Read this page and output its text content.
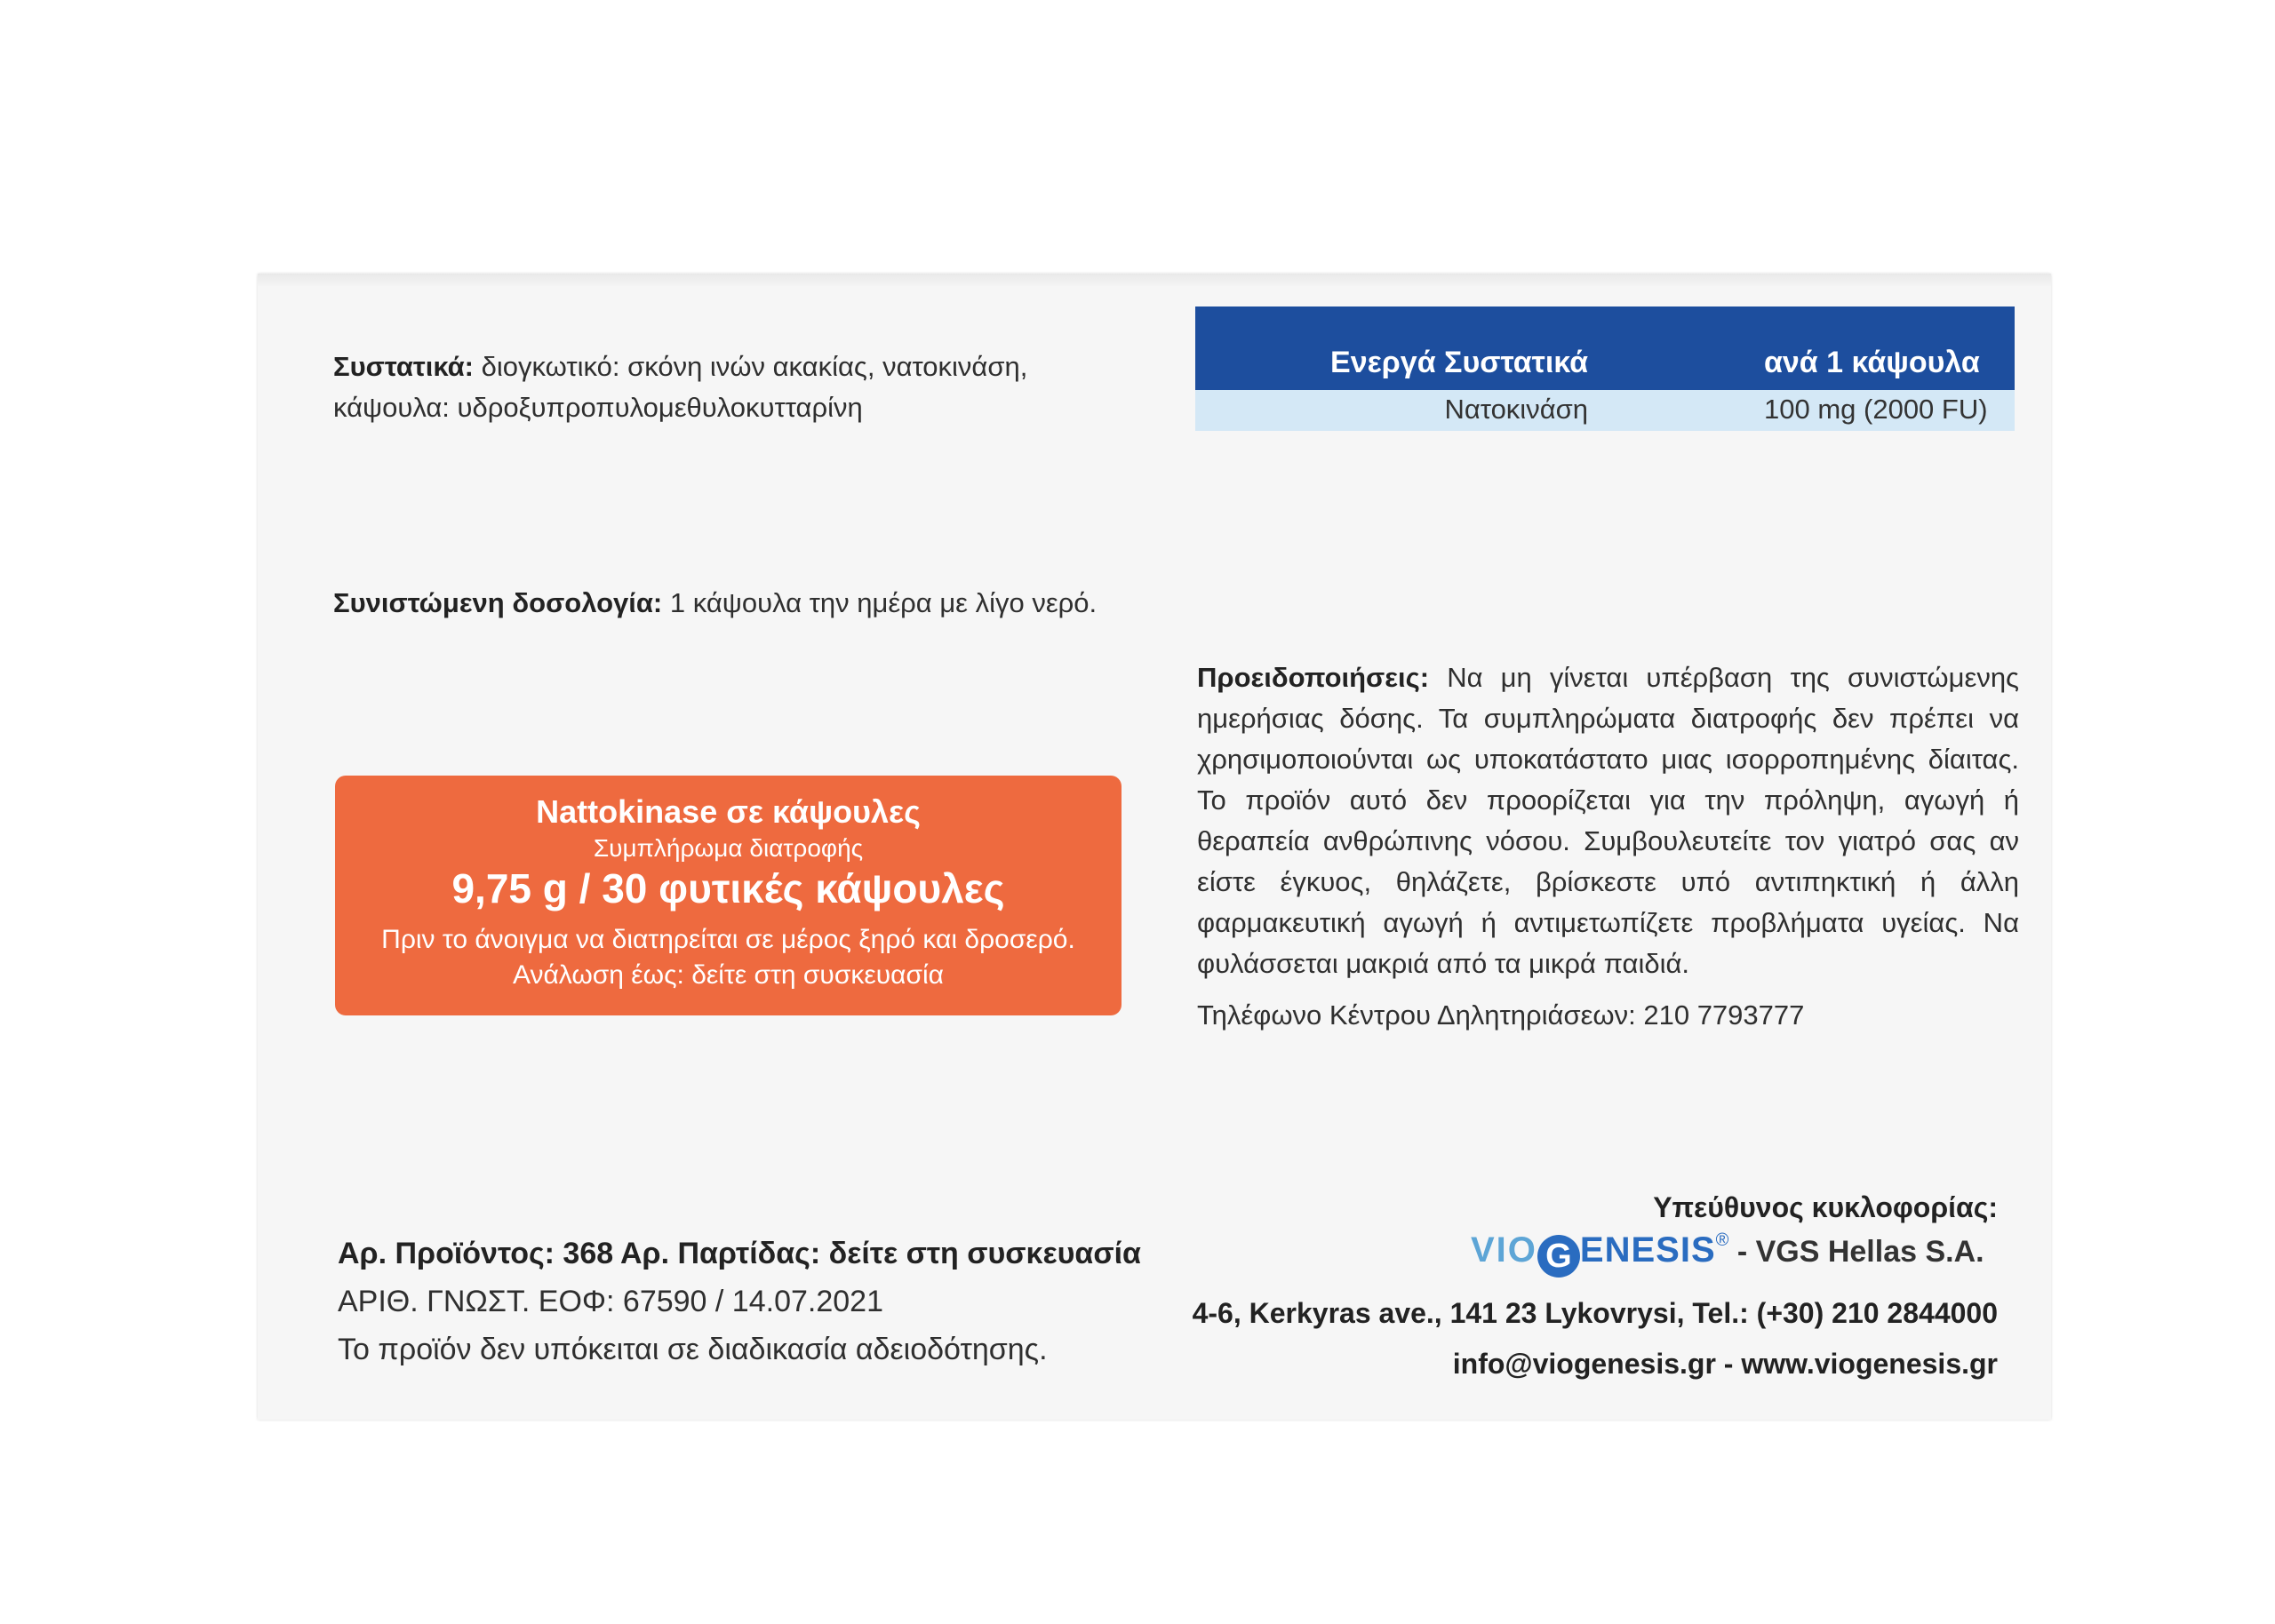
Συστατικά: διογκωτικό: σκόνη ινών ακακίας, νατοκινάση,
κάψουλα: υδροξυπροπυλομεθυλοκυτταρίνη
Ενεργά Συστατικά	ανά 1 κάψουλα
Νατοκινάση	100 mg (2000 FU)
Συνιστώμενη δοσολογία: 1 κάψουλα την ημέρα με λίγο νερό.
Προειδοποιήσεις: Να μη γίνεται υπέρβαση της συνιστώμενης
ημερήσιας δόσης. Τα συμπληρώματα διατροφής δεν πρέπει να
χρησιμοποιούνται ως υποκατάστατο μιας ισορροπημένης δίαιτας.
Το προϊόν αυτό δεν προορίζεται για την πρόληψη, αγωγή ή
θεραπεία ανθρώπινης νόσου. Συμβουλευτείτε τον γιατρό σας αν
είστε έγκυος, θηλάζετε, βρίσκεστε υπό αντιπηκτική ή άλλη
φαρμακευτική αγωγή ή αντιμετωπίζετε προβλήματα υγείας. Να
φυλάσσεται μακριά από τα μικρά παιδιά.
Τηλέφωνο Κέντρου Δηλητηριάσεων: 210 7793777
Nattokinase σε κάψουλες
Συμπλήρωμα διατροφής
9,75 g / 30 φυτικές κάψουλες
Πριν το άνοιγμα να διατηρείται σε μέρος ξηρό και δροσερό.
Ανάλωση έως: δείτε στη συσκευασία
Αρ. Προϊόντος: 368 Αρ. Παρτίδας: δείτε στη συσκευασία
ΑΡΙΘ. ΓΝΩΣΤ. ΕΟΦ: 67590 / 14.07.2021
Το προϊόν δεν υπόκειται σε διαδικασία αδειοδότησης.
Υπεύθυνος κυκλοφορίας:
VIO G ENESIS® - VGS Hellas S.A.
4-6, Kerkyras ave., 141 23 Lykovrysi, Tel.: (+30) 210 2844000
info@viogenesis.gr - www.viogenesis.gr
